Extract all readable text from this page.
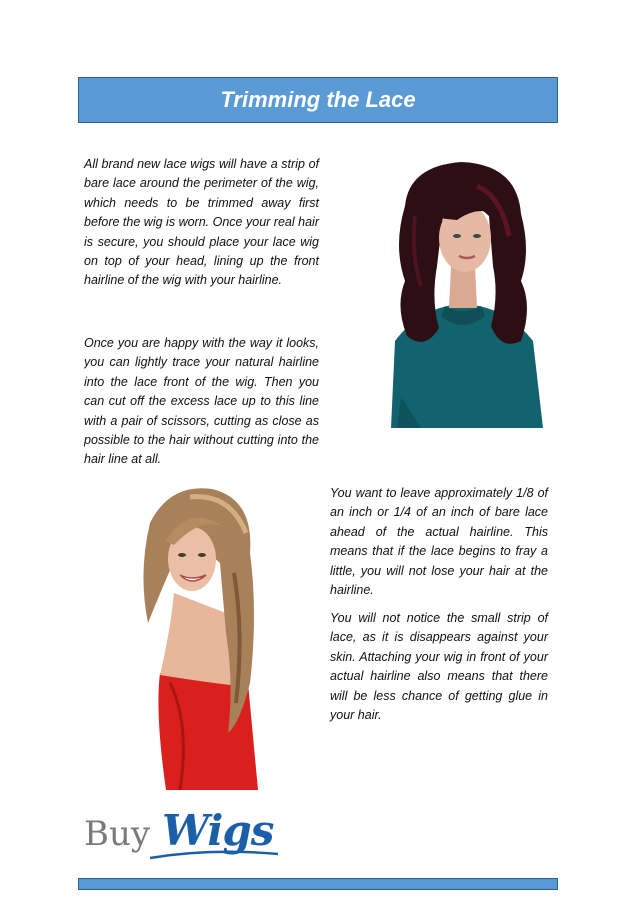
Trimming the Lace

All brand new lace wigs will have a strip of bare lace around the perimeter of the wig, which needs to be trimmed away first before the wig is worn. Once your real hair is secure, you should place your lace wig on top of your head, lining up the front hairline of the wig with your hairline.

Once you are happy with the way it looks, you can lightly trace your natural hairline into the lace front of the wig. Then you can cut off the excess lace up to this line with a pair of scissors, cutting as close as possible to the hair without cutting into the hair line at all.

You want to leave approximately 1/8 of an inch or 1/4 of an inch of bare lace ahead of the actual hairline. This means that if the lace begins to fray a little, you will not lose your hair at the hairline.

You will not notice the small strip of lace, as it is disappears against your skin. Attaching your wig in front of your actual hairline also means that there will be less chance of getting glue in your hair.

Buy Wigs
